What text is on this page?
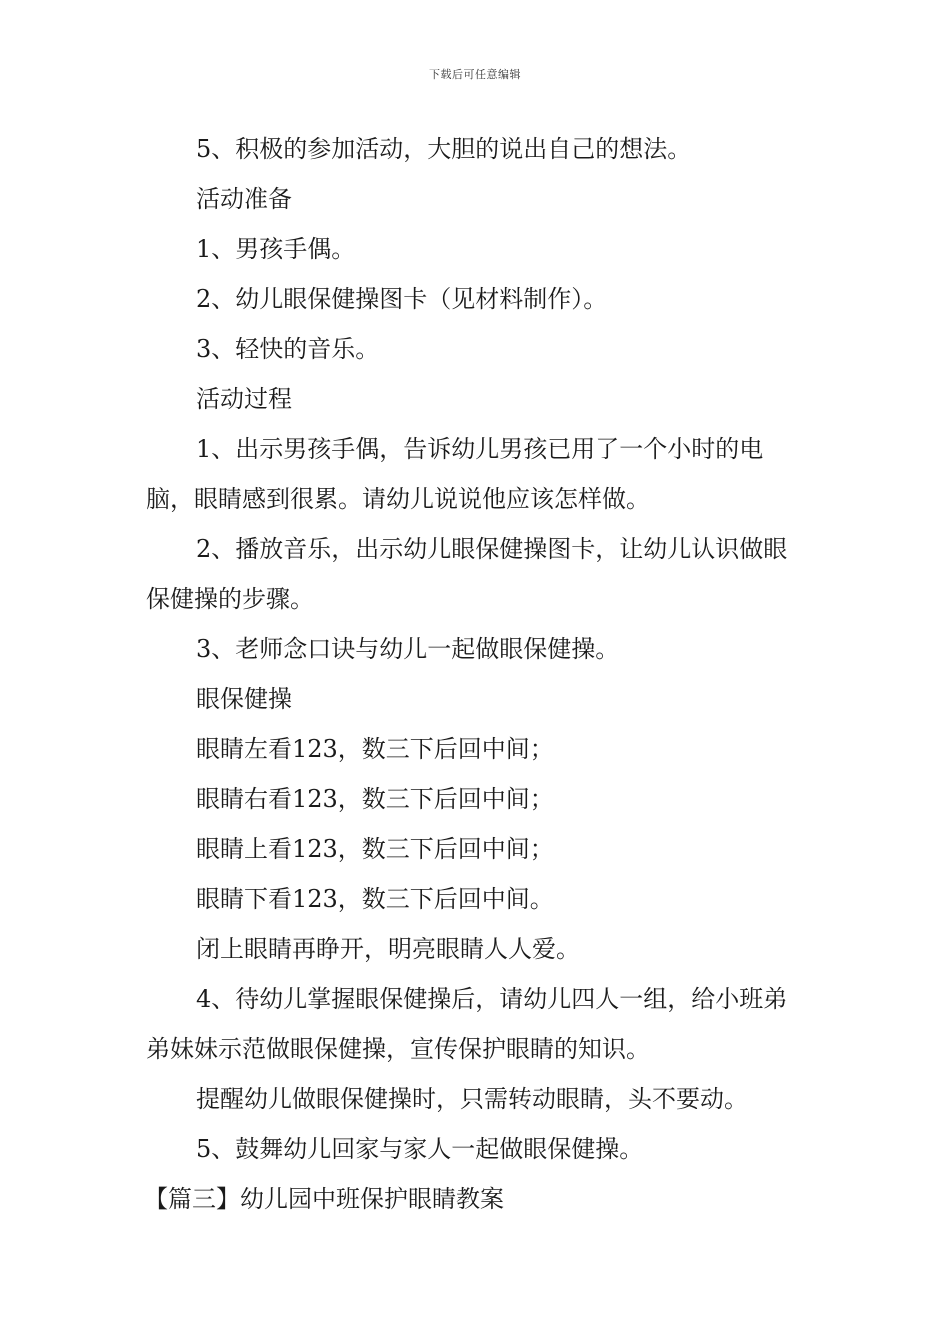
下载后可任意编辑

5、积极的参加活动，大胆的说出自己的想法。

活动准备

1、男孩手偶。

2、幼儿眼保健操图卡（见材料制作）。

3、轻快的音乐。

活动过程

1、出示男孩手偶，告诉幼儿男孩已用了一个小时的电脑，眼睛感到很累。请幼儿说说他应该怎样做。

2、播放音乐，出示幼儿眼保健操图卡，让幼儿认识做眼保健操的步骤。

3、老师念口诀与幼儿一起做眼保健操。

眼保健操

眼睛左看123，数三下后回中间；

眼睛右看123，数三下后回中间；

眼睛上看123，数三下后回中间；

眼睛下看123，数三下后回中间。

闭上眼睛再睁开，明亮眼睛人人爱。

4、待幼儿掌握眼保健操后，请幼儿四人一组，给小班弟弟妹妹示范做眼保健操，宣传保护眼睛的知识。

提醒幼儿做眼保健操时，只需转动眼睛，头不要动。

5、鼓舞幼儿回家与家人一起做眼保健操。

【篇三】幼儿园中班保护眼睛教案
